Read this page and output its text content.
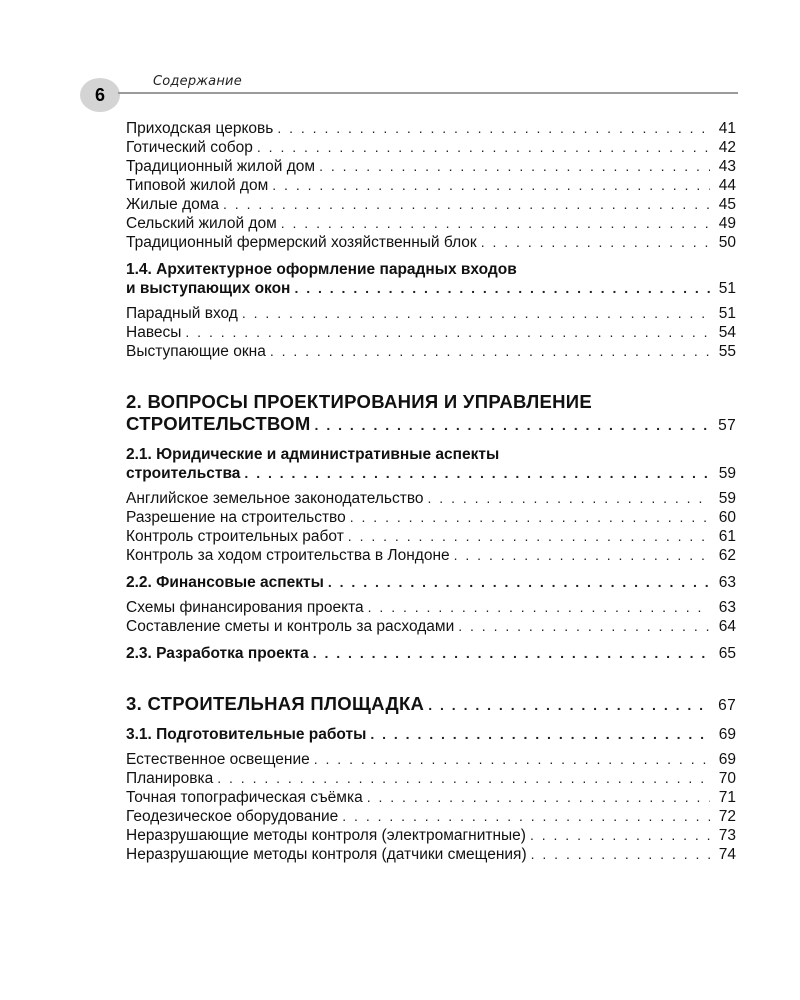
6
Содержание
Приходская церковь . . .	41
Готический собор . . .	42
Традиционный жилой дом . . .	43
Типовой жилой дом . . .	44
Жилые дома . . .	45
Сельский жилой дом . . .	49
Традиционный фермерский хозяйственный блок . . .	50
1.4. Архитектурное оформление парадных входов
и выступающих окон . . .	51
Парадный вход . . .	51
Навесы . . .	54
Выступающие окна . . .	55
2. ВОПРОСЫ ПРОЕКТИРОВАНИЯ И УПРАВЛЕНИЕ
СТРОИТЕЛЬСТВОМ . . .	57
2.1. Юридические и административные аспекты
строительства . . .	59
Английское земельное законодательство . . .	59
Разрешение на строительство . . .	60
Контроль строительных работ . . .	61
Контроль за ходом строительства в Лондоне . . .	62
2.2. Финансовые аспекты . . .	63
Схемы финансирования проекта . . .	63
Составление сметы и контроль за расходами . . .	64
2.3. Разработка проекта . . .	65
3. СТРОИТЕЛЬНАЯ ПЛОЩАДКА . . .	67
3.1. Подготовительные работы . . .	69
Естественное освещение . . .	69
Планировка . . .	70
Точная топографическая съёмка . . .	71
Геодезическое оборудование . . .	72
Неразрушающие методы контроля (электромагнитные) . . .	73
Неразрушающие методы контроля (датчики смещения) . . .	74
